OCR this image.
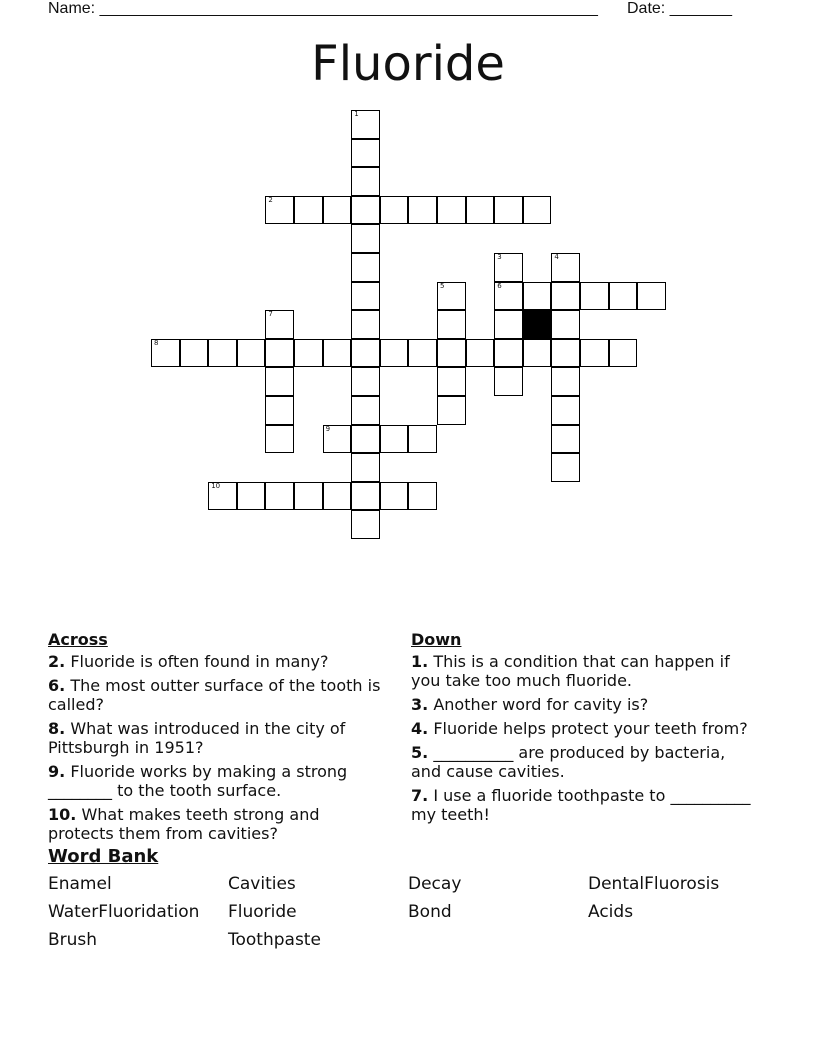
Name: ________________________________________________________ Date: _______
Fluoride
1
2
3
6
4
5
7
8
9
10
Across
2. Fluoride is often found in many?
6. The most outter surface of the tooth is called?
8. What was introduced in the city of Pittsburgh in 1951?
9. Fluoride works by making a strong ________ to the tooth surface.
10. What makes teeth strong and protects them from cavities?
Down
1. This is a condition that can happen if you take too much fluoride.
3. Another word for cavity is?
4. Fluoride helps protect your teeth from?
5. __________ are produced by bacteria, and cause cavities.
7. I use a fluoride toothpaste to __________ my teeth!
Word Bank
Enamel	Cavities	Decay	DentalFluorosis
WaterFluoridation Fluoride	Bond	Acids
Brush	Toothpaste
